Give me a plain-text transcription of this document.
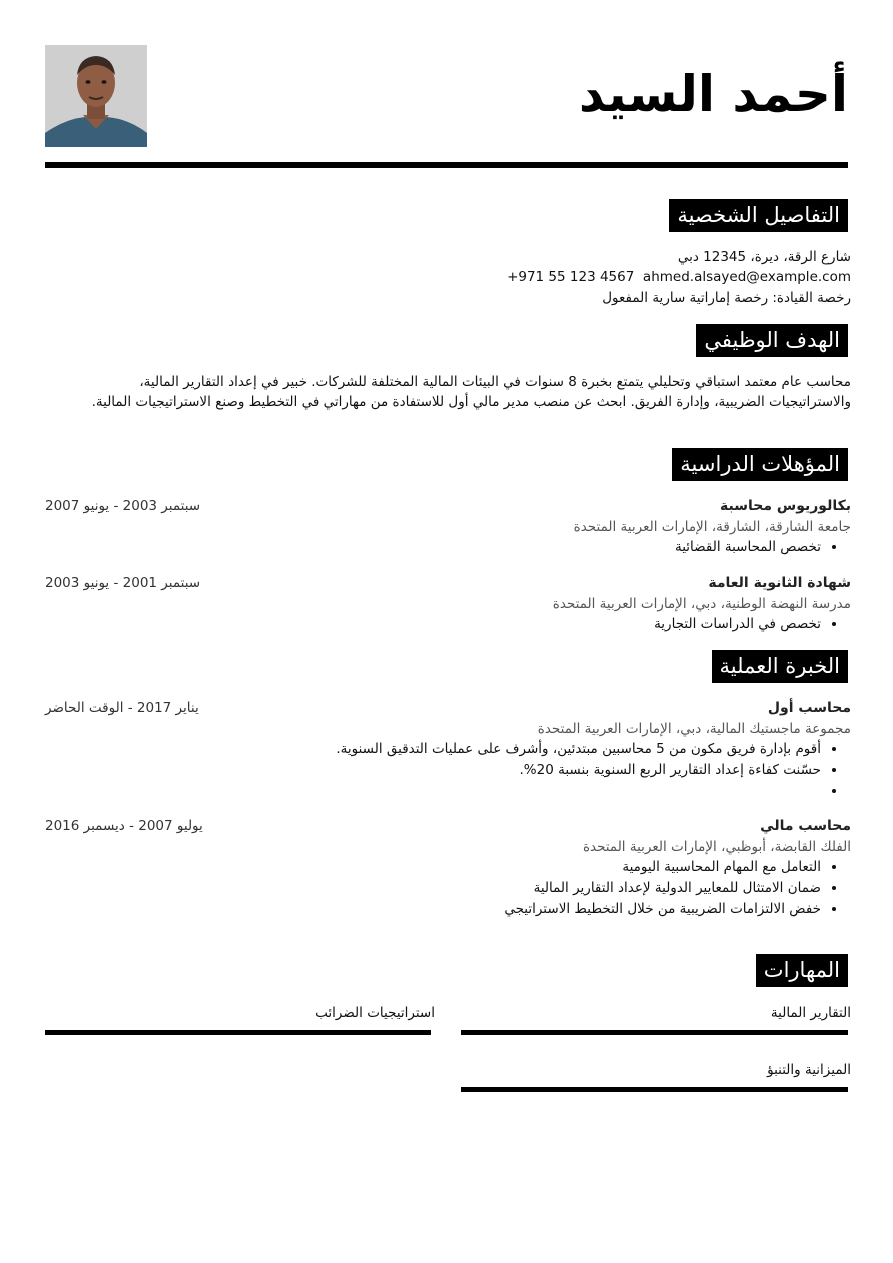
أحمد السيد
التفاصيل الشخصية
شارع الرقة، ديرة، 12345 دبي
ahmed.alsayed@example.com  +971 55 123 4567
رخصة القيادة: رخصة إماراتية سارية المفعول
الهدف الوظيفي
محاسب عام معتمد استباقي وتحليلي يتمتع بخبرة 8 سنوات في البيئات المالية المختلفة للشركات. خبير في إعداد التقارير المالية،
والاستراتيجيات الضريبية، وإدارة الفريق. ابحث عن منصب مدير مالي أول للاستفادة من مهاراتي في التخطيط وصنع الاستراتيجيات المالية.
المؤهلات الدراسية
بكالوريوس محاسبة
سبتمبر 2003 - يونيو 2007
جامعة الشارقة، الشارقة، الإمارات العربية المتحدة
• تخصص المحاسبة القضائية
شهادة الثانوية العامة
سبتمبر 2001 - يونيو 2003
مدرسة النهضة الوطنية، دبي، الإمارات العربية المتحدة
• تخصص في الدراسات التجارية
الخبرة العملية
محاسب أول
يناير 2017 - الوقت الحاضر
مجموعة ماجستيك المالية، دبي، الإمارات العربية المتحدة
• أقوم بإدارة فريق مكون من 5 محاسبين مبتدئين، وأشرف على عمليات التدقيق السنوية.
• حسّنت كفاءة إعداد التقارير الربع السنوية بنسبة 20%.
•
محاسب مالي
يوليو 2007 - ديسمبر 2016
الفلك القابضة، أبوظبي، الإمارات العربية المتحدة
• التعامل مع المهام المحاسبية اليومية
• ضمان الامتثال للمعايير الدولية لإعداد التقارير المالية
• خفض الالتزامات الضريبية من خلال التخطيط الاستراتيجي
المهارات
التقارير المالية
استراتيجيات الضرائب
الميزانية والتنبؤ
